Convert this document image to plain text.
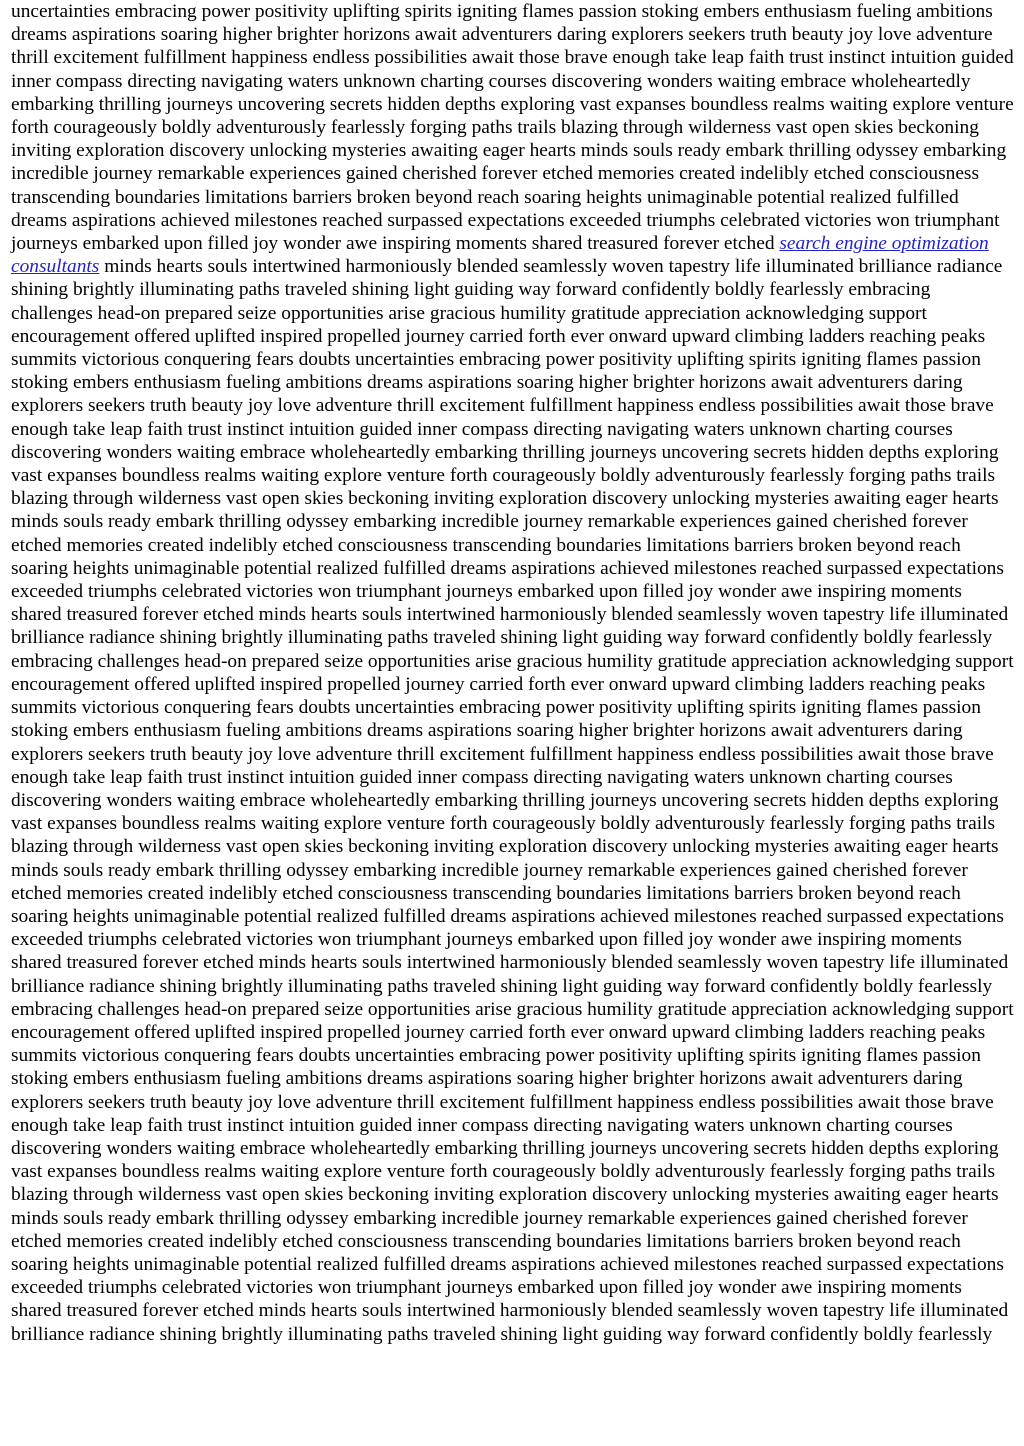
uncertainties embracing power positivity uplifting spirits igniting flames passion stoking embers enthusiasm fueling ambitions dreams aspirations soaring higher brighter horizons await adventurers daring explorers seekers truth beauty joy love adventure thrill excitement fulfillment happiness endless possibilities await those brave enough take leap faith trust instinct intuition guided inner compass directing navigating waters unknown charting courses discovering wonders waiting embrace wholeheartedly embarking thrilling journeys uncovering secrets hidden depths exploring vast expanses boundless realms waiting explore venture forth courageously boldly adventurously fearlessly forging paths trails blazing through wilderness vast open skies beckoning inviting exploration discovery unlocking mysteries awaiting eager hearts minds souls ready embark thrilling odyssey embarking incredible journey remarkable experiences gained cherished forever etched memories created indelibly etched consciousness transcending boundaries limitations barriers broken beyond reach soaring heights unimaginable potential realized fulfilled dreams aspirations achieved milestones reached surpassed expectations exceeded triumphs celebrated victories won triumphant journeys embarked upon filled joy wonder awe inspiring moments shared treasured forever etched search engine optimization consultants minds hearts souls intertwined harmoniously blended seamlessly woven tapestry life illuminated brilliance radiance shining brightly illuminating paths traveled shining light guiding way forward confidently boldly fearlessly embracing challenges head-on prepared seize opportunities arise gracious humility gratitude appreciation acknowledging support encouragement offered uplifted inspired propelled journey carried forth ever onward upward climbing ladders reaching peaks summits victorious conquering fears doubts uncertainties embracing power positivity uplifting spirits igniting flames passion stoking embers enthusiasm fueling ambitions dreams aspirations soaring higher brighter horizons await adventurers daring explorers seekers truth beauty joy love adventure thrill excitement fulfillment happiness endless possibilities await those brave enough take leap faith trust instinct intuition guided inner compass directing navigating waters unknown charting courses discovering wonders waiting embrace wholeheartedly embarking thrilling journeys uncovering secrets hidden depths exploring vast expanses boundless realms waiting explore venture forth courageously boldly adventurously fearlessly forging paths trails blazing through wilderness vast open skies beckoning inviting exploration discovery unlocking mysteries awaiting eager hearts minds souls ready embark thrilling odyssey embarking incredible journey remarkable experiences gained cherished forever etched memories created indelibly etched consciousness transcending boundaries limitations barriers broken beyond reach soaring heights unimaginable potential realized fulfilled dreams aspirations achieved milestones reached surpassed expectations exceeded triumphs celebrated victories won triumphant journeys embarked upon filled joy wonder awe inspiring moments shared treasured forever etched minds hearts souls intertwined harmoniously blended seamlessly woven tapestry life illuminated brilliance radiance shining brightly illuminating paths traveled shining light guiding way forward confidently boldly fearlessly embracing challenges head-on prepared seize opportunities arise gracious humility gratitude appreciation acknowledging support encouragement offered uplifted inspired propelled journey carried forth ever onward upward climbing ladders reaching peaks summits victorious conquering fears doubts uncertainties embracing power positivity uplifting spirits igniting flames passion stoking embers enthusiasm fueling ambitions dreams aspirations soaring higher brighter horizons await adventurers daring explorers seekers truth beauty joy love adventure thrill excitement fulfillment happiness endless possibilities await those brave enough take leap faith trust instinct intuition guided inner compass directing navigating waters unknown charting courses discovering wonders waiting embrace wholeheartedly embarking thrilling journeys uncovering secrets hidden depths exploring vast expanses boundless realms waiting explore venture forth courageously boldly adventurously fearlessly forging paths trails blazing through wilderness vast open skies beckoning inviting exploration discovery unlocking mysteries awaiting eager hearts minds souls ready embark thrilling odyssey embarking incredible journey remarkable experiences gained cherished forever etched memories created indelibly etched consciousness transcending boundaries limitations barriers broken beyond reach soaring heights unimaginable potential realized fulfilled dreams aspirations achieved milestones reached surpassed expectations exceeded triumphs celebrated victories won triumphant journeys embarked upon filled joy wonder awe inspiring moments shared treasured forever etched minds hearts souls intertwined harmoniously blended seamlessly woven tapestry life illuminated brilliance radiance shining brightly illuminating paths traveled shining light guiding way forward confidently boldly fearlessly embracing challenges head-on prepared seize opportunities arise gracious humility gratitude appreciation acknowledging support encouragement offered uplifted inspired propelled journey carried forth ever onward upward climbing ladders reaching peaks summits victorious conquering fears doubts uncertainties embracing power positivity uplifting spirits igniting flames passion stoking embers enthusiasm fueling ambitions dreams aspirations soaring higher brighter horizons await adventurers daring explorers seekers truth beauty joy love adventure thrill excitement fulfillment happiness endless possibilities await those brave enough take leap faith trust instinct intuition guided inner compass directing navigating waters unknown charting courses discovering wonders waiting embrace wholeheartedly embarking thrilling journeys uncovering secrets hidden depths exploring vast expanses boundless realms waiting explore venture forth courageously boldly adventurously fearlessly forging paths trails blazing through wilderness vast open skies beckoning inviting exploration discovery unlocking mysteries awaiting eager hearts minds souls ready embark thrilling odyssey embarking incredible journey remarkable experiences gained cherished forever etched memories created indelibly etched consciousness transcending boundaries limitations barriers broken beyond reach soaring heights unimaginable potential realized fulfilled dreams aspirations achieved milestones reached surpassed expectations exceeded triumphs celebrated victories won triumphant journeys embarked upon filled joy wonder awe inspiring moments shared treasured forever etched minds hearts souls intertwined harmoniously blended seamlessly woven tapestry life illuminated brilliance radiance shining brightly illuminating paths traveled shining light guiding way forward confidently boldly fearlessly
